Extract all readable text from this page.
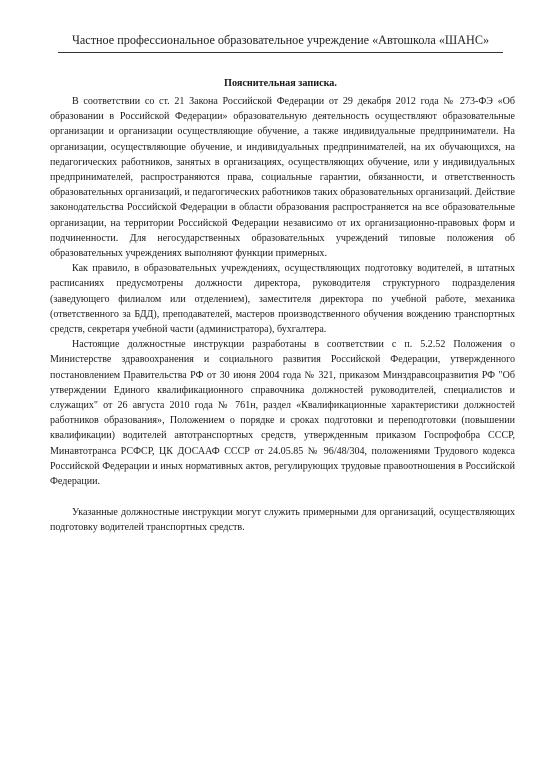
Частное профессиональное образовательное учреждение «Автошкола «ШАНС»
Пояснительная записка.

В соответствии со ст. 21 Закона Российской Федерации от 29 декабря 2012 года № 273-ФЭ «Об образовании в Российской Федерации» образовательную деятельность осуществляют образовательные организации и организации осуществляющие обучение, а также индивидуальные предприниматели. На организации, осуществляющие обучение, и индивидуальных предпринимателей, на их обучающихся, на педагогических работников, занятых в организациях, осуществляющих обучение, или у индивидуальных предпринимателей, распространяются права, социальные гарантии, обязанности, и ответственность образовательных организаций, и педагогических работников таких образовательных организаций. Действие законодательства Российской Федерации в области образования распространяется на все образовательные организации, на территории Российской Федерации независимо от их организационно-правовых форм и подчиненности. Для негосударственных образовательных учреждений типовые положения об образовательных учреждениях выполняют функции примерных.

Как правило, в образовательных учреждениях, осуществляющих подготовку водителей, в штатных расписаниях предусмотрены должности директора, руководителя структурного подразделения (заведующего филиалом или отделением), заместителя директора по учебной работе, механика (ответственного за БДД), преподавателей, мастеров производственного обучения вождению транспортных средств, секретаря учебной части (администратора), бухгалтера.

Настоящие должностные инструкции разработаны в соответствии с п. 5.2.52 Положения о Министерстве здравоохранения и социального развития Российской Федерации, утвержденного постановлением Правительства РФ от 30 июня 2004 года № 321, приказом Минздравсоцразвития РФ "Об утверждении Единого квалификационного справочника должностей руководителей, специалистов и служащих" от 26 августа 2010 года № 761н, раздел «Квалификационные характеристики должностей работников образования», Положением о порядке и сроках подготовки и переподготовки (повышении квалификации) водителей автотранспортных средств, утвержденным приказом Госпрофобра СССР, Минавтотранса РСФСР, ЦК ДОСААФ СССР от 24.05.85 № 96/48/304, положениями Трудового кодекса Российской Федерации и иных нормативных актов, регулирующих трудовые правоотношения в Российской Федерации.

Указанные должностные инструкции могут служить примерными для организаций, осуществляющих подготовку водителей транспортных средств.
